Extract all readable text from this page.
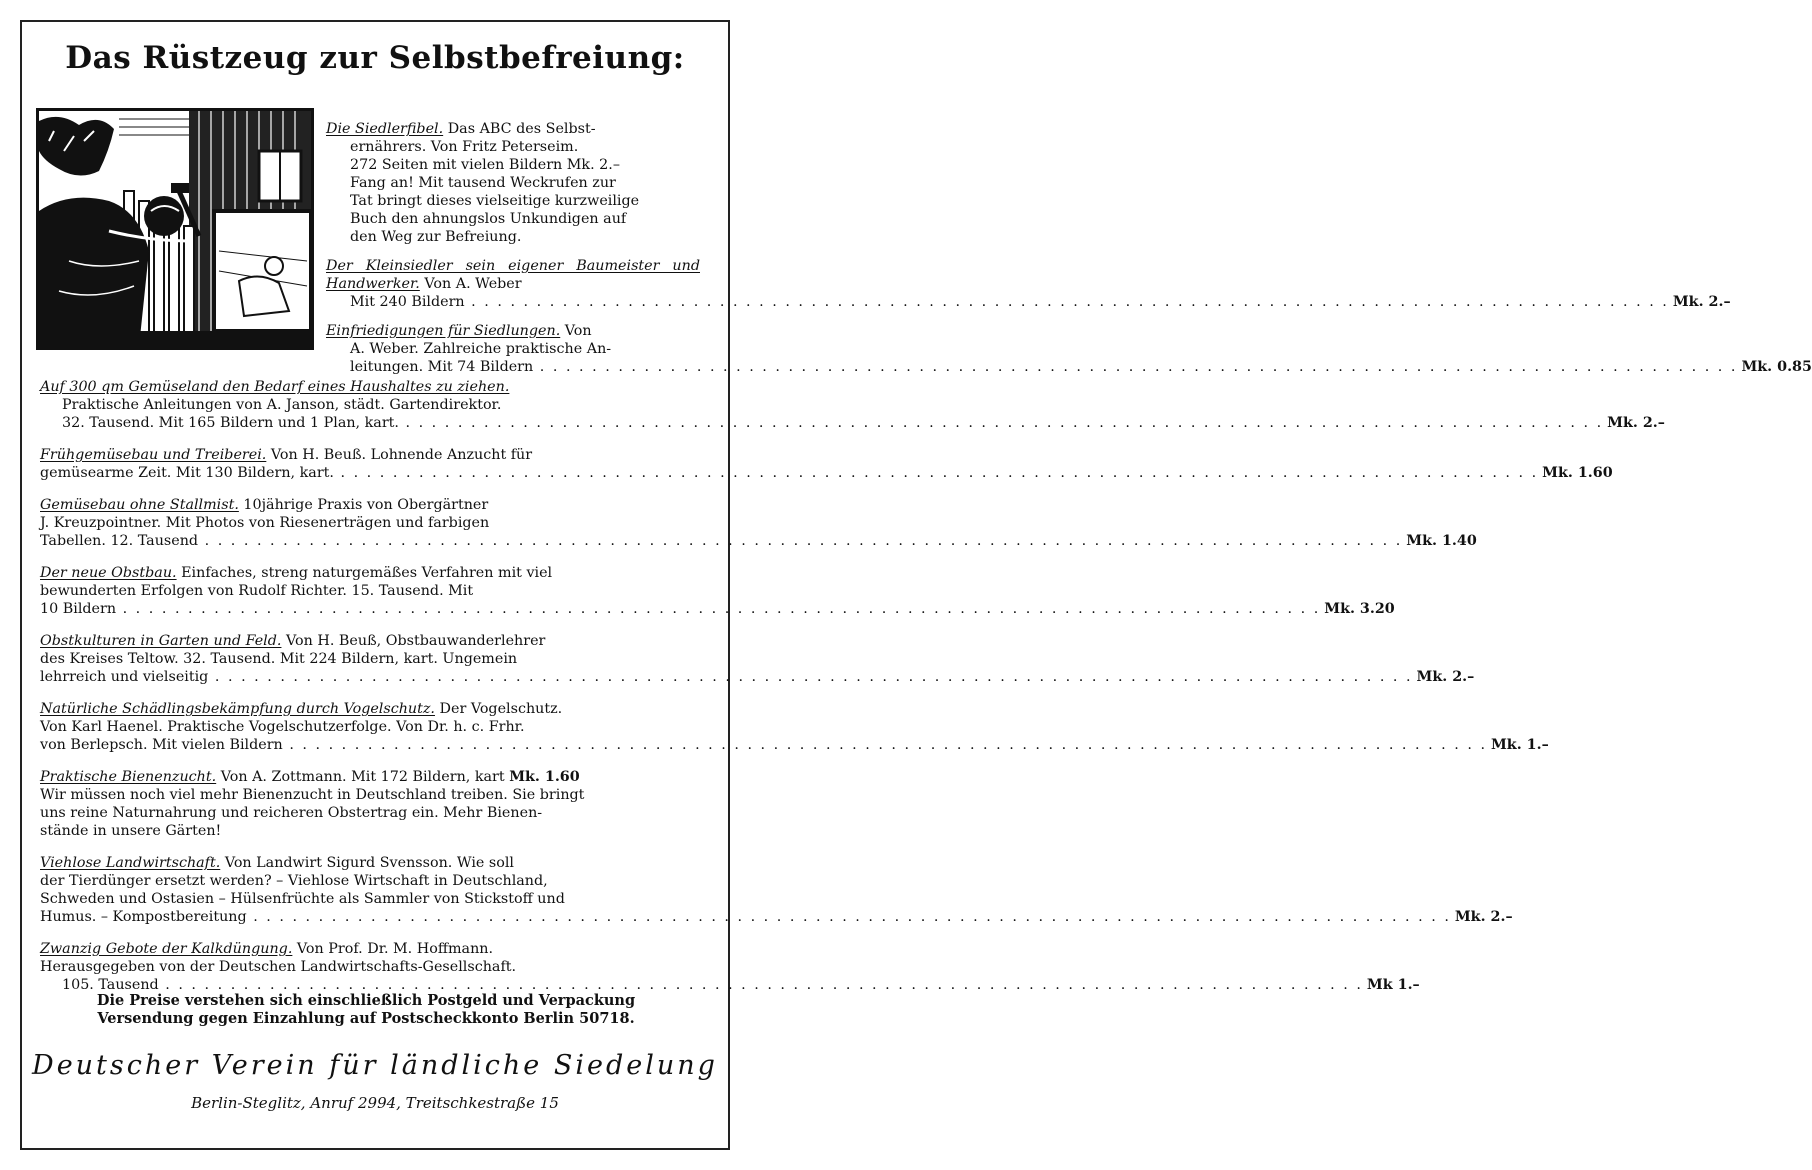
Das Rüstzeug zur Selbstbefreiung:

Die Siedlerfibel. Das ABC des Selbst-
ernährers. Von Fritz Peterseim.
272 Seiten mit vielen Bildern Mk. 2.–
Fang an! Mit tausend Weckrufen zur
Tat bringt dieses vielseitige kurzweilige
Buch den ahnungslos Unkundigen auf
den Weg zur Befreiung.

Der Kleinsiedler sein eigener Baumeister und Handwerker. Von A. Weber
Mit 240 Bildern . . .	Mk. 2.–

Einfriedigungen für Siedlungen. Von
A. Weber. Zahlreiche praktische An-
leitungen. Mit 74 Bildern . . .	Mk. 0.85

Auf 300 qm Gemüseland den Bedarf eines Haushaltes zu ziehen.
Praktische Anleitungen von A. Janson, städt. Gartendirektor.

32. Tausend. Mit 165 Bildern und 1 Plan, kart. . . .	Mk. 2.–

Frühgemüsebau und Treiberei. Von H. Beuß. Lohnende Anzucht für

gemüsearme Zeit. Mit 130 Bildern, kart. . . .	Mk. 1.60

Gemüsebau ohne Stallmist. 10jährige Praxis von Obergärtner
J. Kreuzpointner. Mit Photos von Riesenerträgen und farbigen

Tabellen. 12. Tausend . . .	Mk. 1.40

Der neue Obstbau. Einfaches, streng naturgemäßes Verfahren mit viel
bewunderten Erfolgen von Rudolf Richter. 15. Tausend. Mit

10 Bildern . . .	Mk. 3.20

Obstkulturen in Garten und Feld. Von H. Beuß, Obstbauwanderlehrer
des Kreises Teltow. 32. Tausend. Mit 224 Bildern, kart. Ungemein

lehrreich und vielseitig . . .	Mk. 2.–

Natürliche Schädlingsbekämpfung durch Vogelschutz. Der Vogelschutz.
Von Karl Haenel. Praktische Vogelschutzerfolge. Von Dr. h. c. Frhr.

von Berlepsch. Mit vielen Bildern . . .	Mk. 1.–

Praktische Bienenzucht. Von A. Zottmann. Mit 172 Bildern, kart Mk. 1.60
Wir müssen noch viel mehr Bienenzucht in Deutschland treiben. Sie bringt
uns reine Naturnahrung und reicheren Obstertrag ein. Mehr Bienen-
stände in unsere Gärten!

Viehlose Landwirtschaft. Von Landwirt Sigurd Svensson. Wie soll
der Tierdünger ersetzt werden? – Viehlose Wirtschaft in Deutschland,
Schweden und Ostasien – Hülsenfrüchte als Sammler von Stickstoff und

Humus. – Kompostbereitung . . .	Mk. 2.–

Zwanzig Gebote der Kalkdüngung. Von Prof. Dr. M. Hoffmann.
Herausgegeben von der Deutschen Landwirtschafts-Gesellschaft.

105. Tausend . . .	Mk 1.–

Die Preise verstehen sich einschließlich Postgeld und Verpackung
Versendung gegen Einzahlung auf Postscheckkonto Berlin 50718.
Deutscher Verein für ländliche Siedelung
Berlin-Steglitz, Anruf 2994, Treitschkestraße 15
